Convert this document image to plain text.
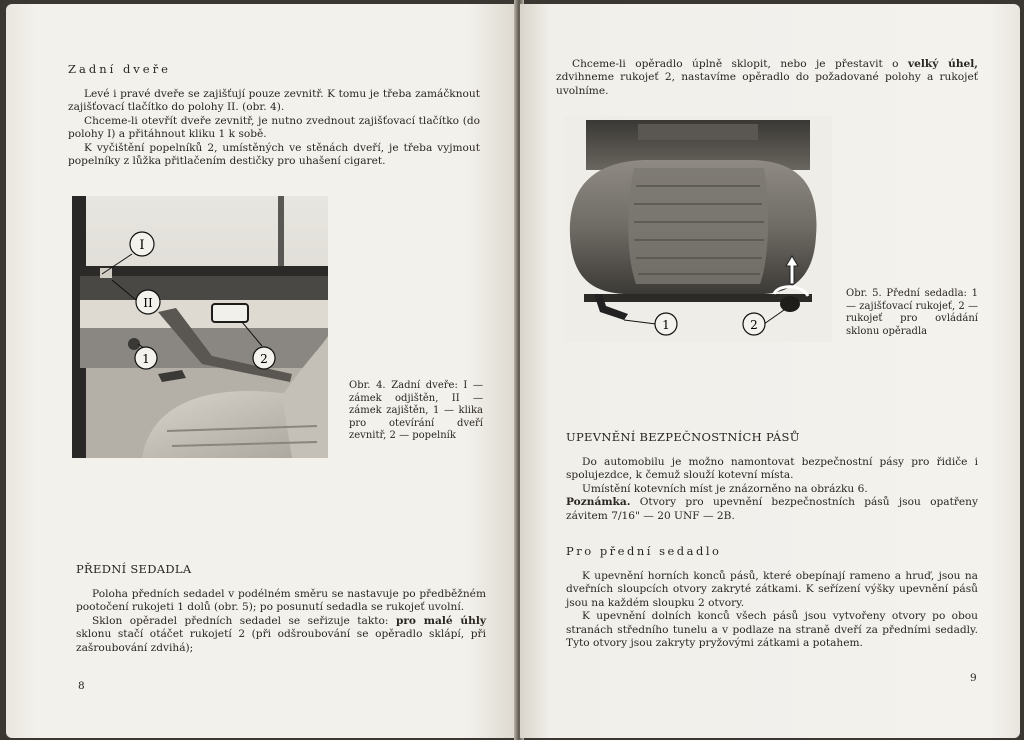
Zadní dveře

Levé i pravé dveře se zajišťují pouze zevnitř. K tomu je třeba zamáčknout zajišťovací tlačítko do polohy II. (obr. 4).

Chceme-li otevřít dveře zevnitř, je nutno zvednout zajišťovací tlačítko (do polohy I) a přitáhnout kliku 1 k sobě.

K vyčištění popelníků 2, umístěných ve stěnách dveří, je třeba vyjmout popelníky z lůžka přitlačením destičky pro uhašení cigaret.

I
II
1	2
Obr. 4. Zadní dveře: I — zámek odjištěn, II — zámek zajištěn, 1 — klika pro otevírání dveří zevnitř, 2 — popelník
PŘEDNÍ SEDADLA

Poloha předních sedadel v podélném směru se nastavuje po předběžném pootočení rukojeti 1 dolů (obr. 5); po posunutí sedadla se rukojeť uvolní.

Sklon opěradel předních sedadel se seřizuje takto: pro malé úhly sklonu stačí otáčet rukojetí 2 (při odšroubování se opěradlo sklápí, při zašroubování zdvihá);

8

Chceme-li opěradlo úplně sklopit, nebo je přestavit o velký úhel, zdvihneme rukojeť 2, nastavíme opěradlo do požadované polohy a rukojeť uvolníme.

1	2
Obr. 5. Přední sedadla: 1 — zajišťovací rukojeť, 2 — rukojeť pro ovládání sklonu opěradla
UPEVNĚNÍ BEZPEČNOSTNÍCH PÁSŮ

Do automobilu je možno namontovat bezpečnostní pásy pro řidiče i spolujezdce, k čemuž slouží kotevní místa.

Umístění kotevních míst je znázorněno na obrázku 6.

Poznámka. Otvory pro upevnění bezpečnostních pásů jsou opatřeny závitem 7/16" — 20 UNF — 2B.

Pro přední sedadlo

K upevnění horních konců pásů, které obepínají rameno a hruď, jsou na dveřních sloupcích otvory zakryté zátkami. K seřízení výšky upevnění pásů jsou na každém sloupku 2 otvory.

K upevnění dolních konců všech pásů jsou vytvořeny otvory po obou stranách středního tunelu a v podlaze na straně dveří za předními sedadly. Tyto otvory jsou zakryty pryžovými zátkami a potahem.

9
